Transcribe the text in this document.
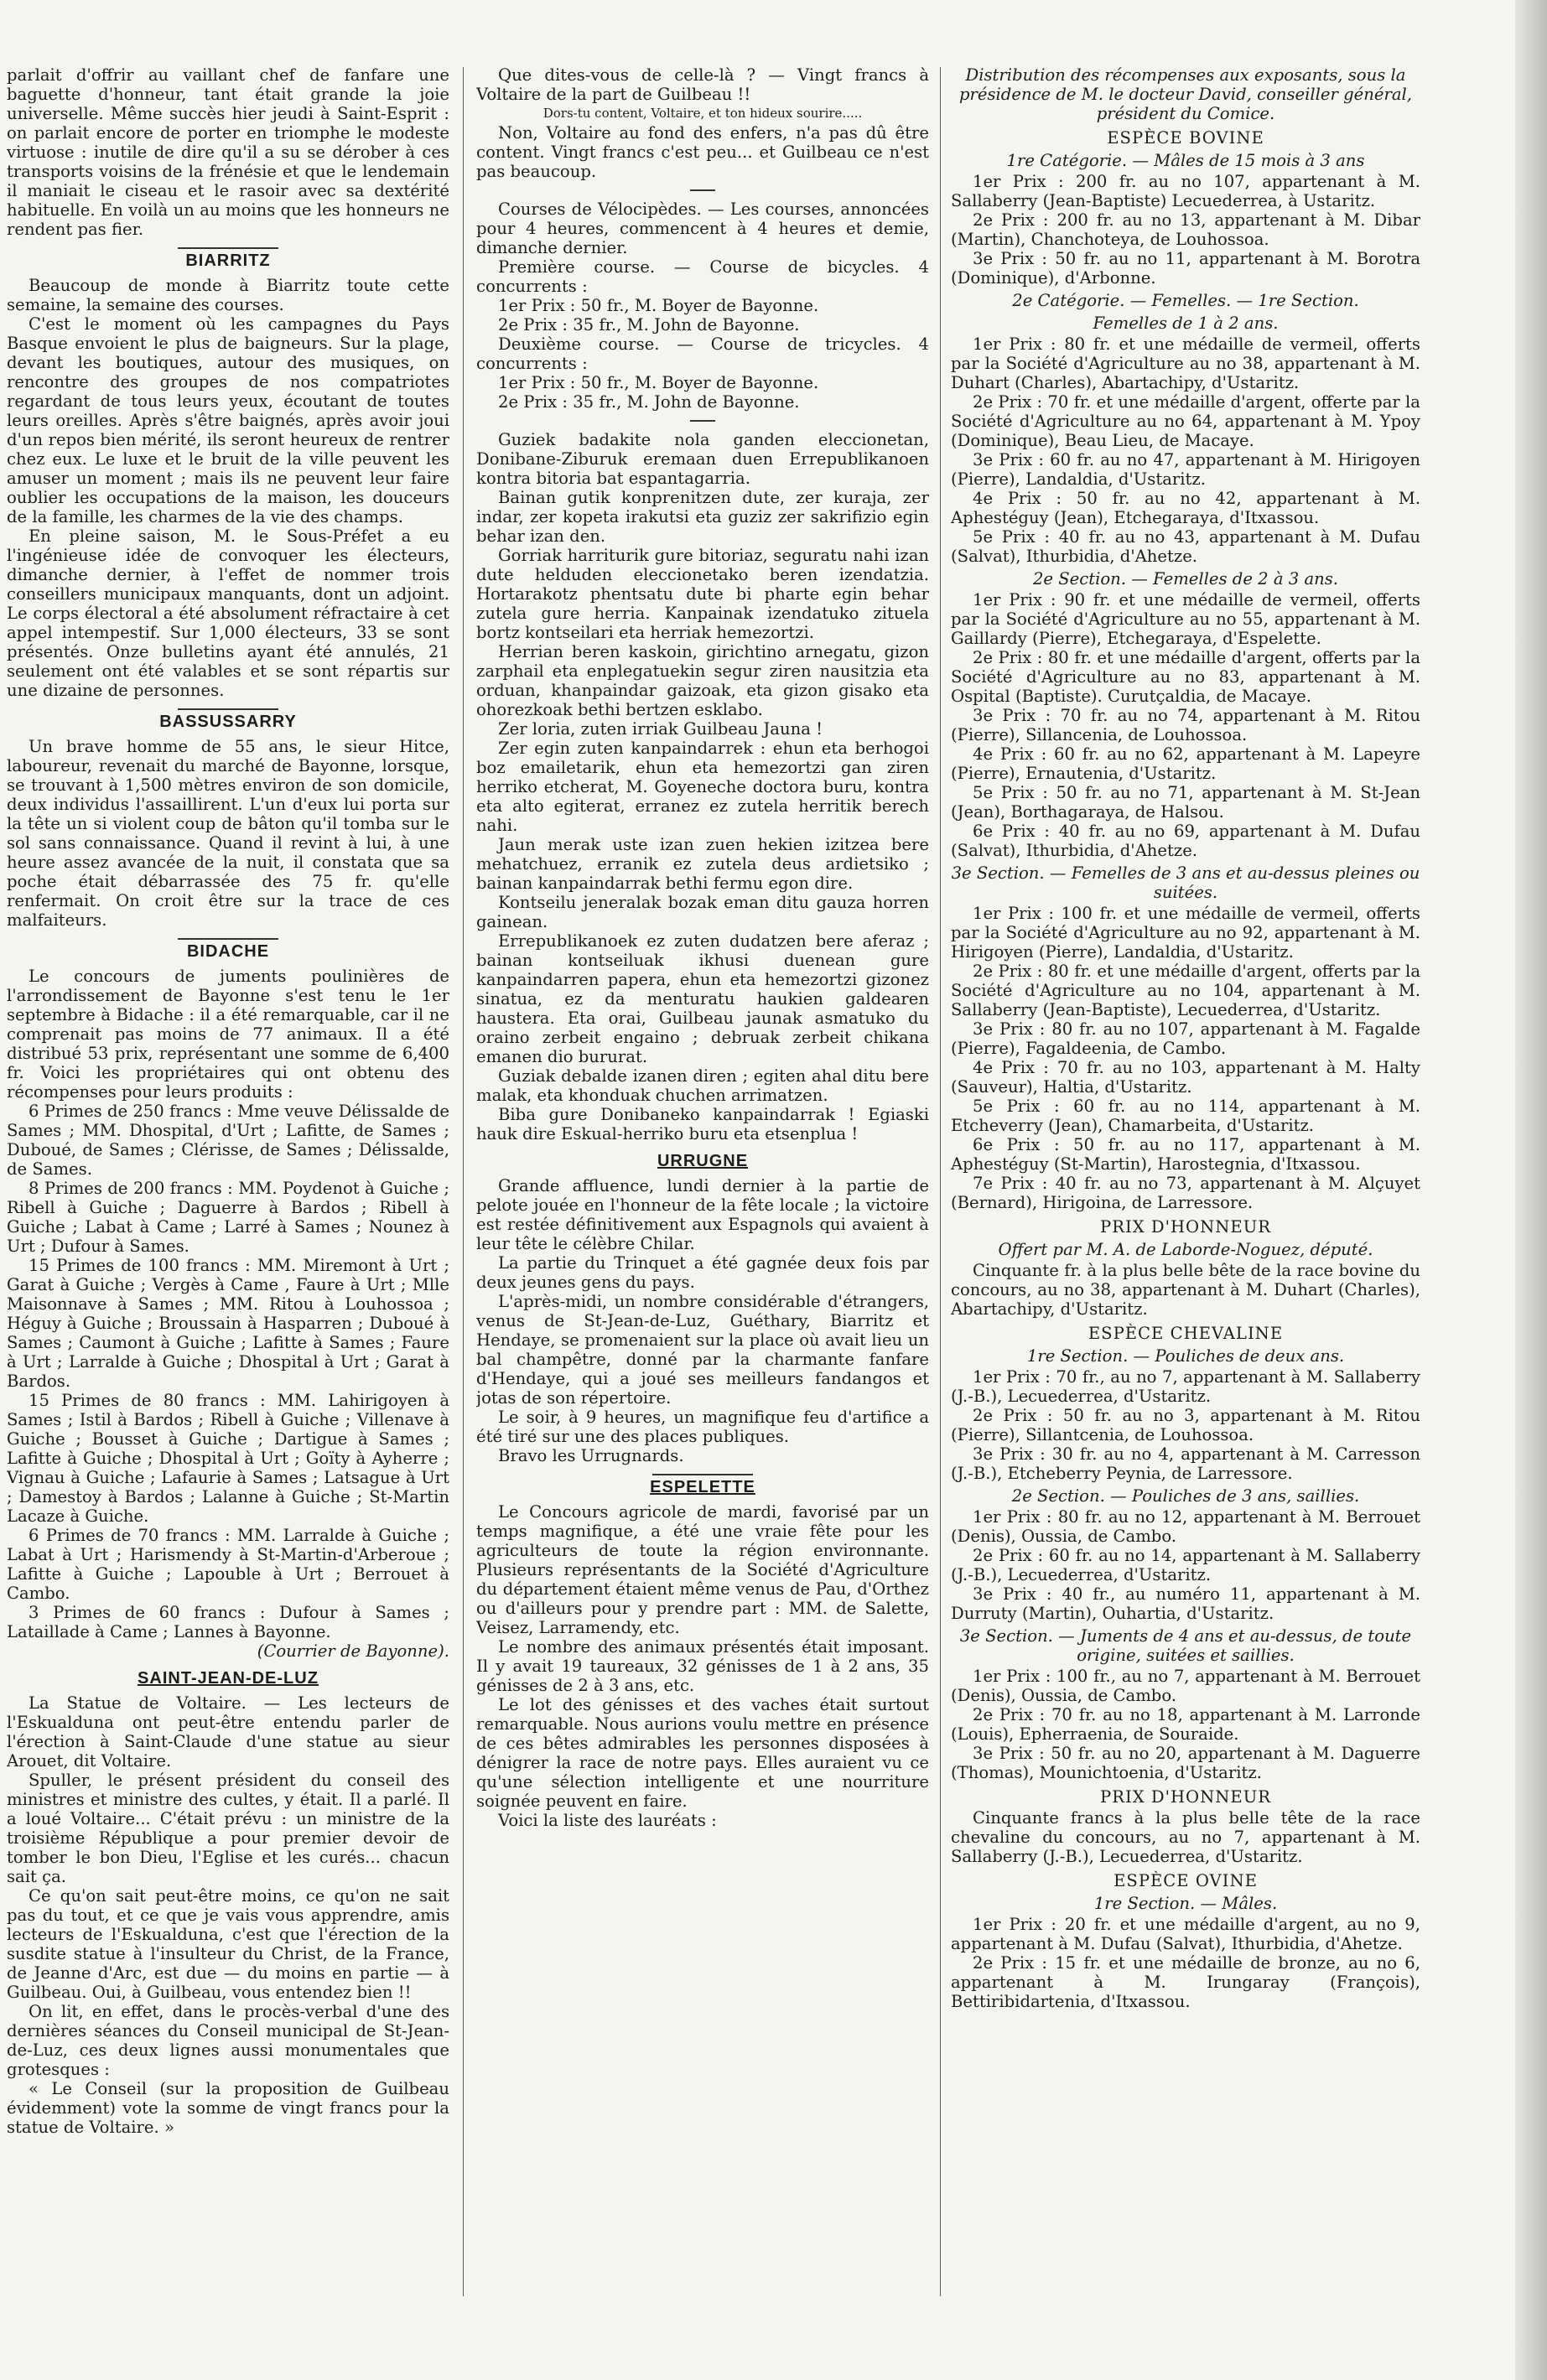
parlait d'offrir au vaillant chef de fanfare une baguette d'honneur, tant était grande la joie universelle. Même succès hier jeudi à Saint-Esprit : on parlait encore de porter en triomphe le modeste virtuose : inutile de dire qu'il a su se dérober à ces transports voisins de la frénésie et que le lendemain il maniait le ciseau et le rasoir avec sa dextérité habituelle. En voilà un au moins que les honneurs ne rendent pas fier.

BIARRITZ

Beaucoup de monde à Biarritz toute cette semaine, la semaine des courses.

C'est le moment où les campagnes du Pays Basque envoient le plus de baigneurs. Sur la plage, devant les boutiques, autour des musiques, on rencontre des groupes de nos compatriotes regardant de tous leurs yeux, écoutant de toutes leurs oreilles. Après s'être baignés, après avoir joui d'un repos bien mérité, ils seront heureux de rentrer chez eux. Le luxe et le bruit de la ville peuvent les amuser un moment ; mais ils ne peuvent leur faire oublier les occupations de la maison, les douceurs de la famille, les charmes de la vie des champs.

En pleine saison, M. le Sous-Préfet a eu l'ingénieuse idée de convoquer les électeurs, dimanche dernier, à l'effet de nommer trois conseillers municipaux manquants, dont un adjoint. Le corps électoral a été absolument réfractaire à cet appel intempestif. Sur 1,000 électeurs, 33 se sont présentés. Onze bulletins ayant été annulés, 21 seulement ont été valables et se sont répartis sur une dizaine de personnes.

BASSUSSARRY

Un brave homme de 55 ans, le sieur Hitce, laboureur, revenait du marché de Bayonne, lorsque, se trouvant à 1,500 mètres environ de son domicile, deux individus l'assaillirent. L'un d'eux lui porta sur la tête un si violent coup de bâton qu'il tomba sur le sol sans connaissance. Quand il revint à lui, à une heure assez avancée de la nuit, il constata que sa poche était débarrassée des 75 fr. qu'elle renfermait. On croit être sur la trace de ces malfaiteurs.

BIDACHE

Le concours de juments poulinières de l'arrondissement de Bayonne s'est tenu le 1er septembre à Bidache : il a été remarquable, car il ne comprenait pas moins de 77 animaux. Il a été distribué 53 prix, représentant une somme de 6,400 fr. Voici les propriétaires qui ont obtenu des récompenses pour leurs produits :

6 Primes de 250 francs : Mme veuve Délissalde de Sames ; MM. Dhospital, d'Urt ; Lafitte, de Sames ; Duboué, de Sames ; Clérisse, de Sames ; Délissalde, de Sames.

8 Primes de 200 francs : MM. Poydenot à Guiche ; Ribell à Guiche ; Daguerre à Bardos ; Ribell à Guiche ; Labat à Came ; Larré à Sames ; Nounez à Urt ; Dufour à Sames.

15 Primes de 100 francs : MM. Miremont à Urt ; Garat à Guiche ; Vergès à Came , Faure à Urt ; Mlle Maisonnave à Sames ; MM. Ritou à Louhossoa ; Héguy à Guiche ; Broussain à Hasparren ; Duboué à Sames ; Caumont à Guiche ; Lafitte à Sames ; Faure à Urt ; Larralde à Guiche ; Dhospital à Urt ; Garat à Bardos.

15 Primes de 80 francs : MM. Lahirigoyen à Sames ; Istil à Bardos ; Ribell à Guiche ; Villenave à Guiche ; Bousset à Guiche ; Dartigue à Sames ; Lafitte à Guiche ; Dhospital à Urt ; Goïty à Ayherre ; Vignau à Guiche ; Lafaurie à Sames ; Latsague à Urt ; Damestoy à Bardos ; Lalanne à Guiche ; St-Martin Lacaze à Guiche.

6 Primes de 70 francs : MM. Larralde à Guiche ; Labat à Urt ; Harismendy à St-Martin-d'Arberoue ; Lafitte à Guiche ; Lapouble à Urt ; Berrouet à Cambo.

3 Primes de 60 francs : Dufour à Sames ; Lataillade à Came ; Lannes à Bayonne.

(Courrier de Bayonne).

SAINT-JEAN-DE-LUZ

La Statue de Voltaire. — Les lecteurs de l'Eskualduna ont peut-être entendu parler de l'érection à Saint-Claude d'une statue au sieur Arouet, dit Voltaire.

Spuller, le présent président du conseil des ministres et ministre des cultes, y était. Il a parlé. Il a loué Voltaire... C'était prévu : un ministre de la troisième République a pour premier devoir de tomber le bon Dieu, l'Eglise et les curés... chacun sait ça.

Ce qu'on sait peut-être moins, ce qu'on ne sait pas du tout, et ce que je vais vous apprendre, amis lecteurs de l'Eskualduna, c'est que l'érection de la susdite statue à l'insulteur du Christ, de la France, de Jeanne d'Arc, est due — du moins en partie — à Guilbeau. Oui, à Guilbeau, vous entendez bien !!

On lit, en effet, dans le procès-verbal d'une des dernières séances du Conseil municipal de St-Jean-de-Luz, ces deux lignes aussi monumentales que grotesques :

« Le Conseil (sur la proposition de Guilbeau évidemment) vote la somme de vingt francs pour la statue de Voltaire. »

Que dites-vous de celle-là ? — Vingt francs à Voltaire de la part de Guilbeau !!

Dors-tu content, Voltaire, et ton hideux sourire.....

Non, Voltaire au fond des enfers, n'a pas dû être content. Vingt francs c'est peu... et Guilbeau ce n'est pas beaucoup.

Courses de Vélocipèdes. — Les courses, annoncées pour 4 heures, commencent à 4 heures et demie, dimanche dernier.

Première course. — Course de bicycles. 4 concurrents :

1er Prix : 50 fr., M. Boyer de Bayonne.

2e Prix : 35 fr., M. John de Bayonne.

Deuxième course. — Course de tricycles. 4 concurrents :

1er Prix : 50 fr., M. Boyer de Bayonne.

2e Prix : 35 fr., M. John de Bayonne.

Guziek badakite nola ganden eleccionetan, Donibane-Ziburuk eremaan duen Errepublikanoen kontra bitoria bat espantagarria.

Bainan gutik konprenitzen dute, zer kuraja, zer indar, zer kopeta irakutsi eta guziz zer sakrifizio egin behar izan den.

Gorriak harriturik gure bitoriaz, seguratu nahi izan dute helduden eleccionetako beren izendatzia. Hortarakotz phentsatu dute bi pharte egin behar zutela gure herria. Kanpainak izendatuko zituela bortz kontseilari eta herriak hemezortzi.

Herrian beren kaskoin, girichtino arnegatu, gizon zarphail eta enplegatuekin segur ziren nausitzia eta orduan, khanpaindar gaizoak, eta gizon gisako eta ohorezkoak bethi bertzen esklabo.

Zer loria, zuten irriak Guilbeau Jauna !

Zer egin zuten kanpaindarrek : ehun eta berhogoi boz emailetarik, ehun eta hemezortzi gan ziren herriko etcherat, M. Goyeneche doctora buru, kontra eta alto egiterat, erranez ez zutela herritik berech nahi.

Jaun merak uste izan zuen hekien izitzea bere mehatchuez, erranik ez zutela deus ardietsiko ; bainan kanpaindarrak bethi fermu egon dire.

Kontseilu jeneralak bozak eman ditu gauza horren gainean.

Errepublikanoek ez zuten dudatzen bere aferaz ; bainan kontseiluak ikhusi duenean gure kanpaindarren papera, ehun eta hemezortzi gizonez sinatua, ez da menturatu haukien galdearen haustera. Eta orai, Guilbeau jaunak asmatuko du oraino zerbeit engaino ; debruak zerbeit chikana emanen dio bururat.

Guziak debalde izanen diren ; egiten ahal ditu bere malak, eta khonduak chuchen arrimatzen.

Biba gure Donibaneko kanpaindarrak ! Egiaski hauk dire Eskual-herriko buru eta etsenplua !

URRUGNE

Grande affluence, lundi dernier à la partie de pelote jouée en l'honneur de la fête locale ; la victoire est restée définitivement aux Espagnols qui avaient à leur tête le célèbre Chilar.

La partie du Trinquet a été gagnée deux fois par deux jeunes gens du pays.

L'après-midi, un nombre considérable d'étrangers, venus de St-Jean-de-Luz, Guéthary, Biarritz et Hendaye, se promenaient sur la place où avait lieu un bal champêtre, donné par la charmante fanfare d'Hendaye, qui a joué ses meilleurs fandangos et jotas de son répertoire.

Le soir, à 9 heures, un magnifique feu d'artifice a été tiré sur une des places publiques.

Bravo les Urrugnards.

ESPELETTE

Le Concours agricole de mardi, favorisé par un temps magnifique, a été une vraie fête pour les agriculteurs de toute la région environnante. Plusieurs représentants de la Société d'Agriculture du département étaient même venus de Pau, d'Orthez ou d'ailleurs pour y prendre part : MM. de Salette, Veisez, Larramendy, etc.

Le nombre des animaux présentés était imposant. Il y avait 19 taureaux, 32 génisses de 1 à 2 ans, 35 génisses de 2 à 3 ans, etc.

Le lot des génisses et des vaches était surtout remarquable. Nous aurions voulu mettre en présence de ces bêtes admirables les personnes disposées à dénigrer la race de notre pays. Elles auraient vu ce qu'une sélection intelligente et une nourriture soignée peuvent en faire.

Voici la liste des lauréats :

Distribution des récompenses aux exposants, sous la présidence de M. le docteur David, conseiller général, président du Comice.

ESPÈCE BOVINE
1re Catégorie. — Mâles de 15 mois à 3 ans

1er Prix : 200 fr. au no 107, appartenant à M. Sallaberry (Jean-Baptiste) Lecuederrea, à Ustaritz.

2e Prix : 200 fr. au no 13, appartenant à M. Dibar (Martin), Chanchoteya, de Louhossoa.

3e Prix : 50 fr. au no 11, appartenant à M. Borotra (Dominique), d'Arbonne.

2e Catégorie. — Femelles. — 1re Section.
Femelles de 1 à 2 ans.

1er Prix : 80 fr. et une médaille de vermeil, offerts par la Société d'Agriculture au no 38, appartenant à M. Duhart (Charles), Abartachipy, d'Ustaritz.

2e Prix : 70 fr. et une médaille d'argent, offerte par la Société d'Agriculture au no 64, appartenant à M. Ypoy (Dominique), Beau Lieu, de Macaye.

3e Prix : 60 fr. au no 47, appartenant à M. Hirigoyen (Pierre), Landaldia, d'Ustaritz.

4e Prix : 50 fr. au no 42, appartenant à M. Aphestéguy (Jean), Etchegaraya, d'Itxassou.

5e Prix : 40 fr. au no 43, appartenant à M. Dufau (Salvat), Ithurbidia, d'Ahetze.

2e Section. — Femelles de 2 à 3 ans.

1er Prix : 90 fr. et une médaille de vermeil, offerts par la Société d'Agriculture au no 55, appartenant à M. Gaillardy (Pierre), Etchegaraya, d'Espelette.

2e Prix : 80 fr. et une médaille d'argent, offerts par la Société d'Agriculture au no 83, appartenant à M. Ospital (Baptiste). Curutçaldia, de Macaye.

3e Prix : 70 fr. au no 74, appartenant à M. Ritou (Pierre), Sillancenia, de Louhossoa.

4e Prix : 60 fr. au no 62, appartenant à M. Lapeyre (Pierre), Ernautenia, d'Ustaritz.

5e Prix : 50 fr. au no 71, appartenant à M. St-Jean (Jean), Borthagaraya, de Halsou.

6e Prix : 40 fr. au no 69, appartenant à M. Dufau (Salvat), Ithurbidia, d'Ahetze.

3e Section. — Femelles de 3 ans et au-dessus pleines ou suitées.

1er Prix : 100 fr. et une médaille de vermeil, offerts par la Société d'Agriculture au no 92, appartenant à M. Hirigoyen (Pierre), Landaldia, d'Ustaritz.

2e Prix : 80 fr. et une médaille d'argent, offerts par la Société d'Agriculture au no 104, appartenant à M. Sallaberry (Jean-Baptiste), Lecuederrea, d'Ustaritz.

3e Prix : 80 fr. au no 107, appartenant à M. Fagalde (Pierre), Fagaldeenia, de Cambo.

4e Prix : 70 fr. au no 103, appartenant à M. Halty (Sauveur), Haltia, d'Ustaritz.

5e Prix : 60 fr. au no 114, appartenant à M. Etcheverry (Jean), Chamarbeita, d'Ustaritz.

6e Prix : 50 fr. au no 117, appartenant à M. Aphestéguy (St-Martin), Harostegnia, d'Itxassou.

7e Prix : 40 fr. au no 73, appartenant à M. Alçuyet (Bernard), Hirigoina, de Larressore.

PRIX D'HONNEUR
Offert par M. A. de Laborde-Noguez, député.

Cinquante fr. à la plus belle bête de la race bovine du concours, au no 38, appartenant à M. Duhart (Charles), Abartachipy, d'Ustaritz.

ESPÈCE CHEVALINE
1re Section. — Pouliches de deux ans.

1er Prix : 70 fr., au no 7, appartenant à M. Sallaberry (J.-B.), Lecuederrea, d'Ustaritz.

2e Prix : 50 fr. au no 3, appartenant à M. Ritou (Pierre), Sillantcenia, de Louhossoa.

3e Prix : 30 fr. au no 4, appartenant à M. Carresson (J.-B.), Etcheberry Peynia, de Larressore.

2e Section. — Pouliches de 3 ans, saillies.

1er Prix : 80 fr. au no 12, appartenant à M. Berrouet (Denis), Oussia, de Cambo.

2e Prix : 60 fr. au no 14, appartenant à M. Sallaberry (J.-B.), Lecuederrea, d'Ustaritz.

3e Prix : 40 fr., au numéro 11, appartenant à M. Durruty (Martin), Ouhartia, d'Ustaritz.

3e Section. — Juments de 4 ans et au-dessus, de toute origine, suitées et saillies.

1er Prix : 100 fr., au no 7, appartenant à M. Berrouet (Denis), Oussia, de Cambo.

2e Prix : 70 fr. au no 18, appartenant à M. Larronde (Louis), Epherraenia, de Souraide.

3e Prix : 50 fr. au no 20, appartenant à M. Daguerre (Thomas), Mounichtoenia, d'Ustaritz.

PRIX D'HONNEUR

Cinquante francs à la plus belle tête de la race chevaline du concours, au no 7, appartenant à M. Sallaberry (J.-B.), Lecuederrea, d'Ustaritz.

ESPÈCE OVINE
1re Section. — Mâles.

1er Prix : 20 fr. et une médaille d'argent, au no 9, appartenant à M. Dufau (Salvat), Ithurbidia, d'Ahetze.

2e Prix : 15 fr. et une médaille de bronze, au no 6, appartenant à M. Irungaray (François), Bettiribidartenia, d'Itxassou.
